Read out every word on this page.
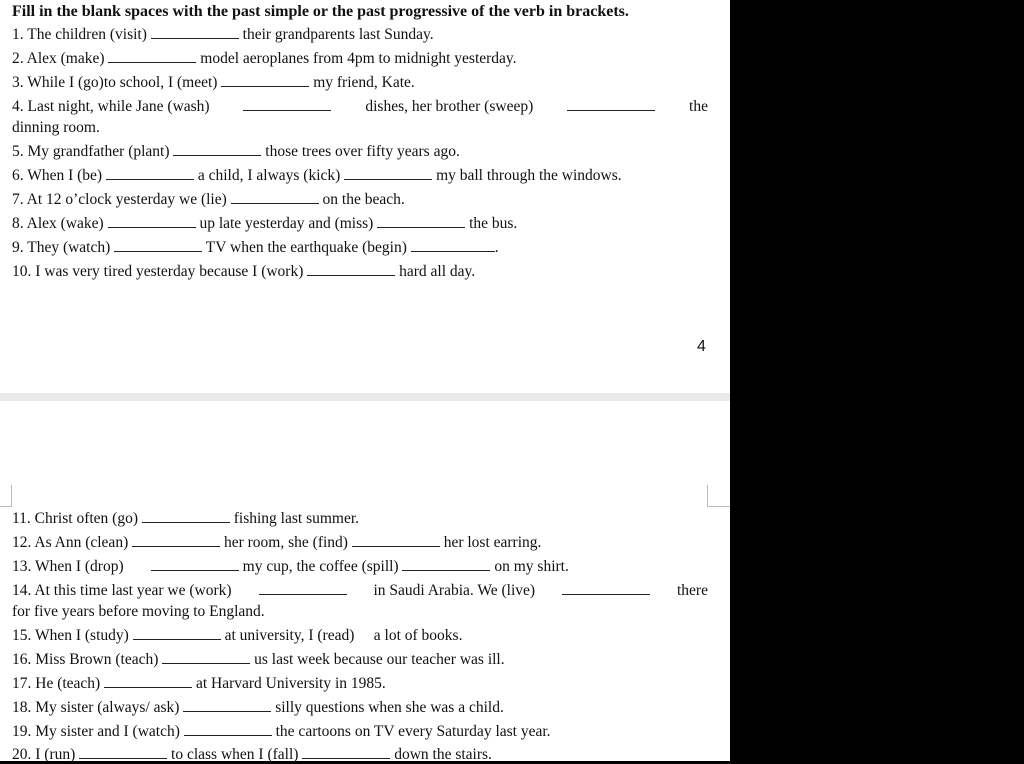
Fill in the blank spaces with the past simple or the past progressive of the verb in brackets.
1. The children (visit)	their grandparents last Sunday.
2. Alex (make)	model aeroplanes from 4pm to midnight yesterday.
3. While I (go)to school, I (meet)	my friend, Kate.
4. Last night, while Jane (wash)	dishes, her brother (sweep)	the
dinning room.
5. My grandfather (plant)	those trees over fifty years ago.
6. When I (be)	a child, I always (kick)	my ball through the windows.
7. At 12 o’clock yesterday we (lie)	on the beach.
8. Alex (wake)	up late yesterday and (miss)	the bus.
9. They (watch)	TV when the earthquake (begin)	.
10. I was very tired yesterday because I (work)	hard all day.
4
11. Christ often (go)	fishing last summer.
12. As Ann (clean)	her room, she (find)	her lost earring.
13. When I (drop)	my cup, the coffee (spill)	on my shirt.
14. At this time last year we (work)	in Saudi Arabia. We (live)	there
for five years before moving to England.
15. When I (study)	at university, I (read) a lot of books.
16. Miss Brown (teach)	us last week because our teacher was ill.
17. He (teach)	at Harvard University in 1985.
18. My sister (always/ ask)	silly questions when she was a child.
19. My sister and I (watch)	the cartoons on TV every Saturday last year.
20. I (run)	to class when I (fall)	down the stairs.
